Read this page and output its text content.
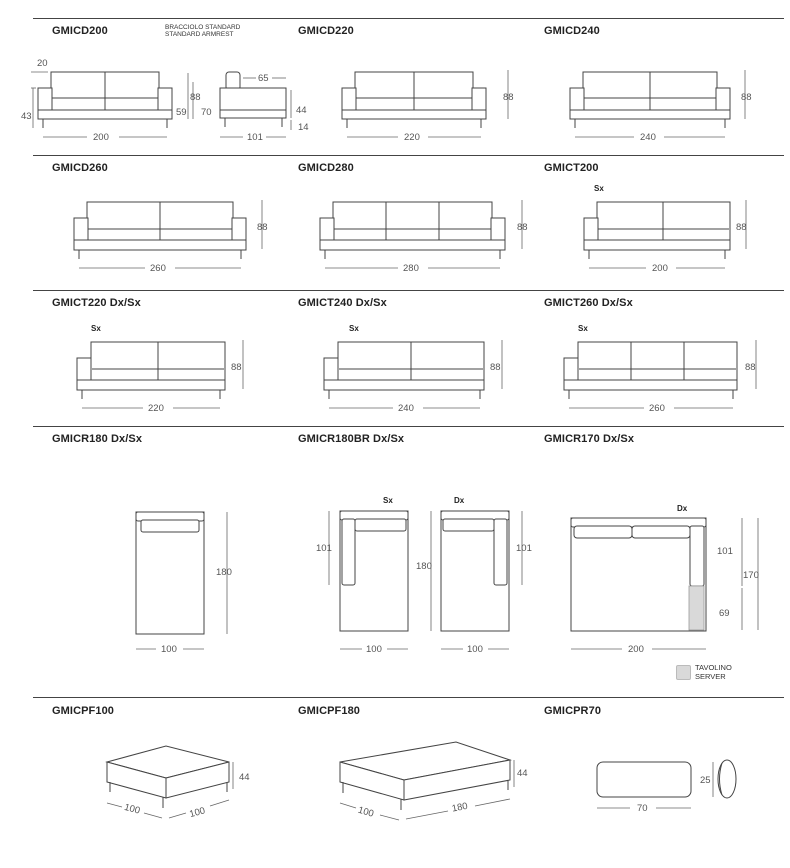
GMICD200	GMICD220	GMICD240
GMICD260	GMICD280	GMICT200
GMICT220 Dx/Sx	GMICT240 Dx/Sx	GMICT260 Dx/Sx
GMICR180 Dx/Sx	GMICR180BR Dx/Sx	GMICR170 Dx/Sx
GMICPF100	GMICPF180	GMICPR70
BRACCIOLO STANDARD
STANDARD ARMREST
Sx
Sx	Sx	Sx
Sx	Dx
Dx
TAVOLINO
SERVER
20
43
200
88
59 70
65
44
14
101
88
220
88
240
88
260
88
280
88
200
88
220
88
240
88
260
180
100
101
180
100
101
100
101
69
170
200
44
100	100
44
100	180
25
70
